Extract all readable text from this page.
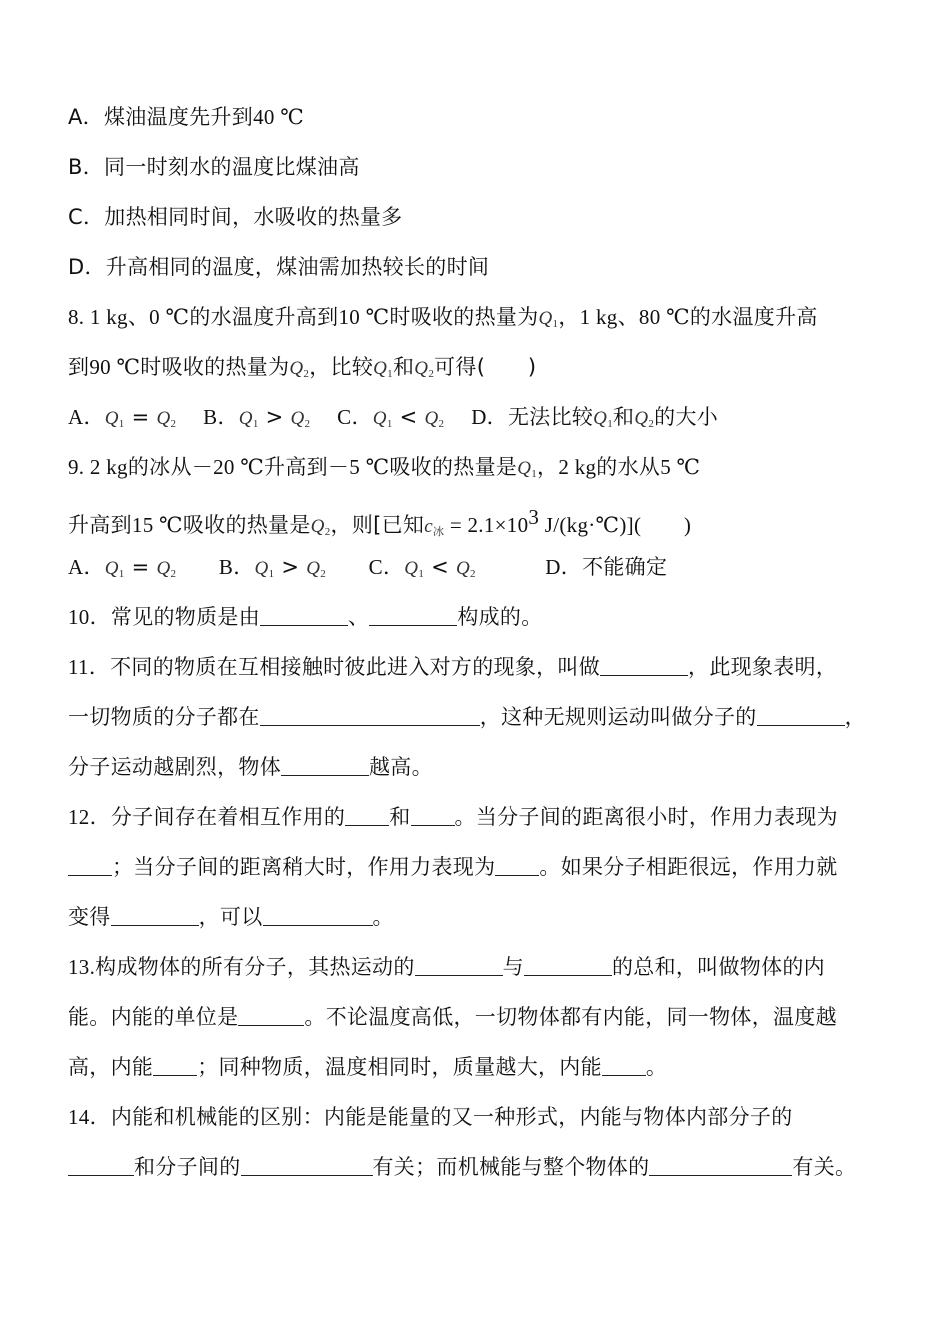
A．煤油温度先升到40 ℃
B．同一时刻水的温度比煤油高
C．加热相同时间，水吸收的热量多
D．升高相同的温度，煤油需加热较长的时间
8. 1 kg、0 ℃的水温度升高到10 ℃时吸收的热量为$Q_1$，1 kg、80 ℃的水温度升高
到90 ℃时吸收的热量为$Q_2$，比较$Q_1$和$Q_2$可得(　　)
A．$Q_1 = Q_2$　 B．$Q_1 > Q_2$　 C．$Q_1 < Q_2$　 D．无法比较$Q_1$和$Q_2$的大小
9. 2 kg的冰从－20 ℃升高到－5 ℃吸收的热量是$Q_1$，2 kg的水从5 ℃
升高到15 ℃吸收的热量是$Q_2$，则[已知$c_冰 = 2.1\times 10^3$ J/(kg·℃)](　　 )
A．$Q_1 = Q_2$　　B．$Q_1 > Q_2$　　C．$Q_1 < Q_2$　　　 D．不能确定
10．常见的物质是由	、	构成的。
11．不同的物质在互相接触时彼此进入对方的现象，叫做	，此现象表明，
一切物质的分子都在	，这种无规则运动叫做分子的	，
分子运动越剧烈，物体	越高。
12．分子间存在着相互作用的 和 。当分子间的距离很小时，作用力表现为
；当分子间的距离稍大时，作用力表现为 。如果分子相距很远，作用力就
变得	，可以	。
13.构成物体的所有分子，其热运动的	与	的总和，叫做物体的内
能。内能的单位是	。不论温度高低，一切物体都有内能，同一物体，温度越
高，内能 ；同种物质，温度相同时，质量越大，内能 。
14．内能和机械能的区别：内能是能量的又一种形式，内能与物体内部分子的
和分子间的	有关；而机械能与整个物体的	有关。
